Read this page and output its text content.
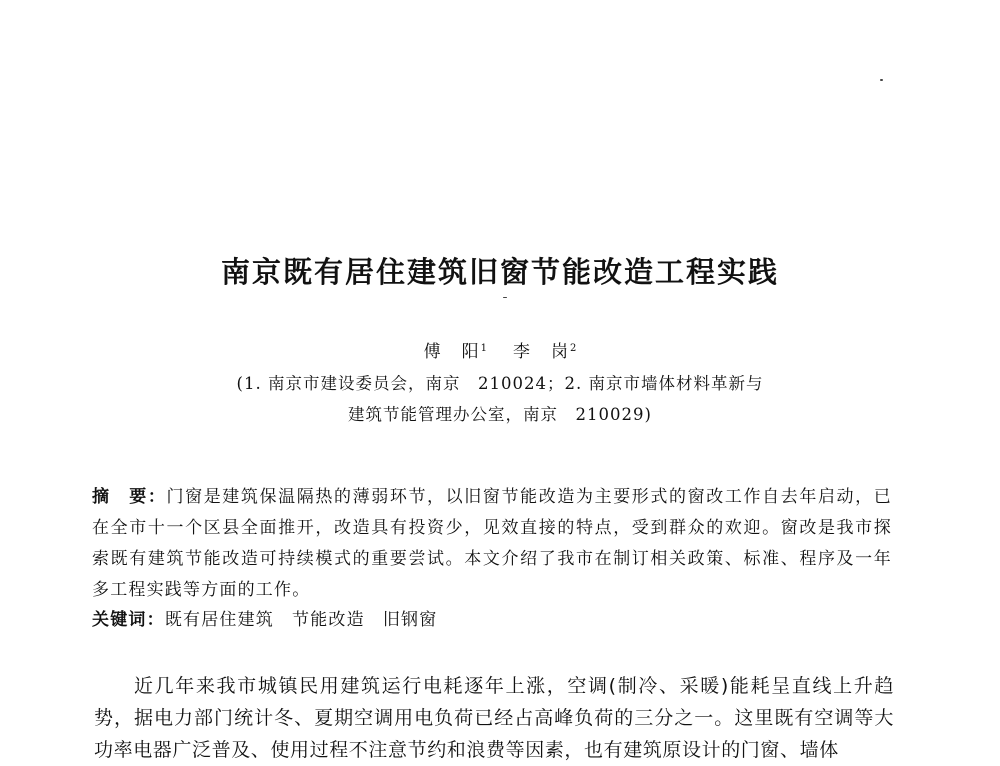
南京既有居住建筑旧窗节能改造工程实践
傅　阳$^1$ 李　岗$^2$
(1. 南京市建设委员会，南京　210024；2. 南京市墙体材料革新与
建筑节能管理办公室，南京　210029)
摘　要：门窗是建筑保温隔热的薄弱环节，以旧窗节能改造为主要形式的窗改工作自去年启动，已在全市十一个区县全面推开，改造具有投资少，见效直接的特点，受到群众的欢迎。窗改是我市探索既有建筑节能改造可持续模式的重要尝试。本文介绍了我市在制订相关政策、标准、程序及一年多工程实践等方面的工作。
关键词：既有居住建筑 节能改造 旧钢窗
近几年来我市城镇民用建筑运行电耗逐年上涨，空调(制冷、采暖)能耗呈直线上升趋势，据电力部门统计冬、夏期空调用电负荷已经占高峰负荷的三分之一。这里既有空调等大功率电器广泛普及、使用过程不注意节约和浪费等因素，也有建筑原设计的门窗、墙体
